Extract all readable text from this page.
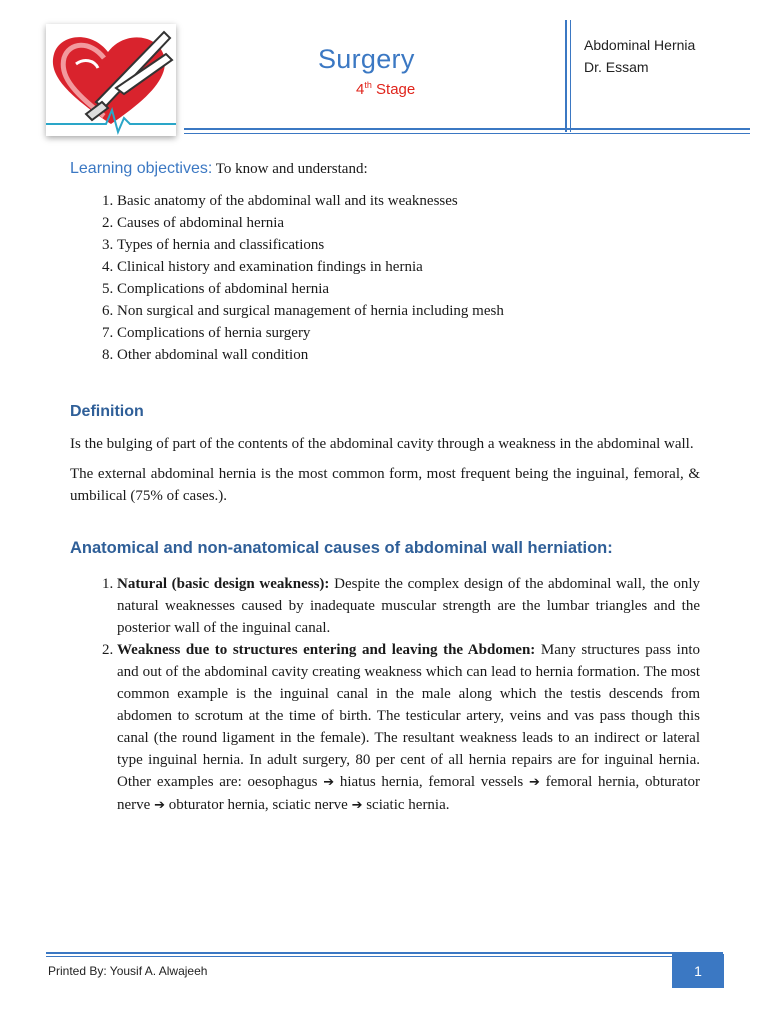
Surgery
4th Stage
Abdominal Hernia
Dr. Essam
Learning objectives: To know and understand:
1. Basic anatomy of the abdominal wall and its weaknesses
2. Causes of abdominal hernia
3. Types of hernia and classifications
4. Clinical history and examination findings in hernia
5. Complications of abdominal hernia
6. Non surgical and surgical management of hernia including mesh
7. Complications of hernia surgery
8. Other abdominal wall condition
Definition

Is the bulging of part of the contents of the abdominal cavity through a weakness in the abdominal wall.

The external abdominal hernia is the most common form, most frequent being the inguinal, femoral, & umbilical (75% of cases.).

Anatomical and non-anatomical causes of abdominal wall herniation:
1. Natural (basic design weakness): Despite the complex design of the abdominal wall, the only natural weaknesses caused by inadequate muscular strength are the lumbar triangles and the posterior wall of the inguinal canal.
2. Weakness due to structures entering and leaving the Abdomen: Many structures pass into and out of the abdominal cavity creating weakness which can lead to hernia formation. The most common example is the inguinal canal in the male along which the testis descends from abdomen to scrotum at the time of birth. The testicular artery, veins and vas pass though this canal (the round ligament in the female). The resultant weakness leads to an indirect or lateral type inguinal hernia. In adult surgery, 80 per cent of all hernia repairs are for inguinal hernia. Other examples are: oesophagus ➔ hiatus hernia, femoral vessels ➔ femoral hernia, obturator nerve ➔ obturator hernia, sciatic nerve ➔ sciatic hernia.
Printed By: Yousif A. Alwajeeh	1
